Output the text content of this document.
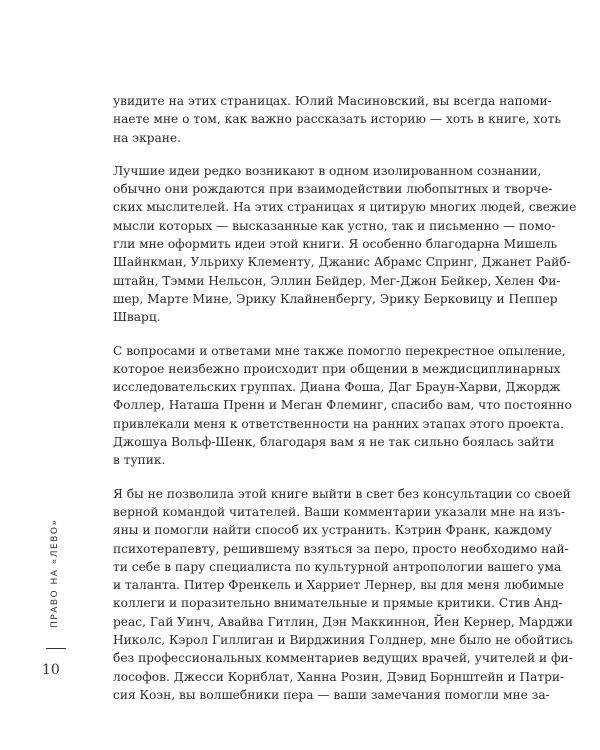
увидите на этих страницах. Юлий Масиновский, вы всегда напоми-
наете мне о том, как важно рассказать историю — хоть в книге, хоть
на экране.
Лучшие идеи редко возникают в одном изолированном сознании,
обычно они рождаются при взаимодействии любопытных и творче-
ских мыслителей. На этих страницах я цитирую многих людей, свежие
мысли которых — высказанные как устно, так и письменно — помо-
гли мне оформить идеи этой книги. Я особенно благодарна Мишель
Шайнкман, Ульриху Клементу, Джанис Абрамс Спринг, Джанет Райб-
штайн, Тэмми Нельсон, Эллин Бейдер, Мег-Джон Бейкер, Хелен Фи-
шер, Марте Мине, Эрику Клайненбергу, Эрику Берковицу и Пеппер
Шварц.
С вопросами и ответами мне также помогло перекрестное опыление,
которое неизбежно происходит при общении в междисциплинарных
исследовательских группах. Диана Фоша, Даг Браун-Харви, Джордж
Фоллер, Наташа Пренн и Меган Флеминг, спасибо вам, что постоянно
привлекали меня к ответственности на ранних этапах этого проекта.
Джошуа Вольф-Шенк, благодаря вам я не так сильно боялась зайти
в тупик.
Я бы не позволила этой книге выйти в свет без консультации со своей
верной командой читателей. Ваши комментарии указали мне на изъ-
яны и помогли найти способ их устранить. Кэтрин Франк, каждому
психотерапевту, решившему взяться за перо, просто необходимо най-
ти себе в пару специалиста по культурной антропологии вашего ума
и таланта. Питер Френкель и Харриет Лернер, вы для меня любимые
коллеги и поразительно внимательные и прямые критики. Стив Анд-
реас, Гай Уинч, Авайва Гитлин, Дэн Маккиннон, Йен Кернер, Марджи
Николс, Кэрол Гиллиган и Вирджиния Голднер, мне было не обойтись
без профессиональных комментариев ведущих врачей, учителей и фи-
лософов. Джесси Корнблат, Ханна Розин, Дэвид Борнштейн и Патри-
сия Коэн, вы волшебники пера — ваши замечания помогли мне за-
ПРАВО НА «ЛЕВО»
10
